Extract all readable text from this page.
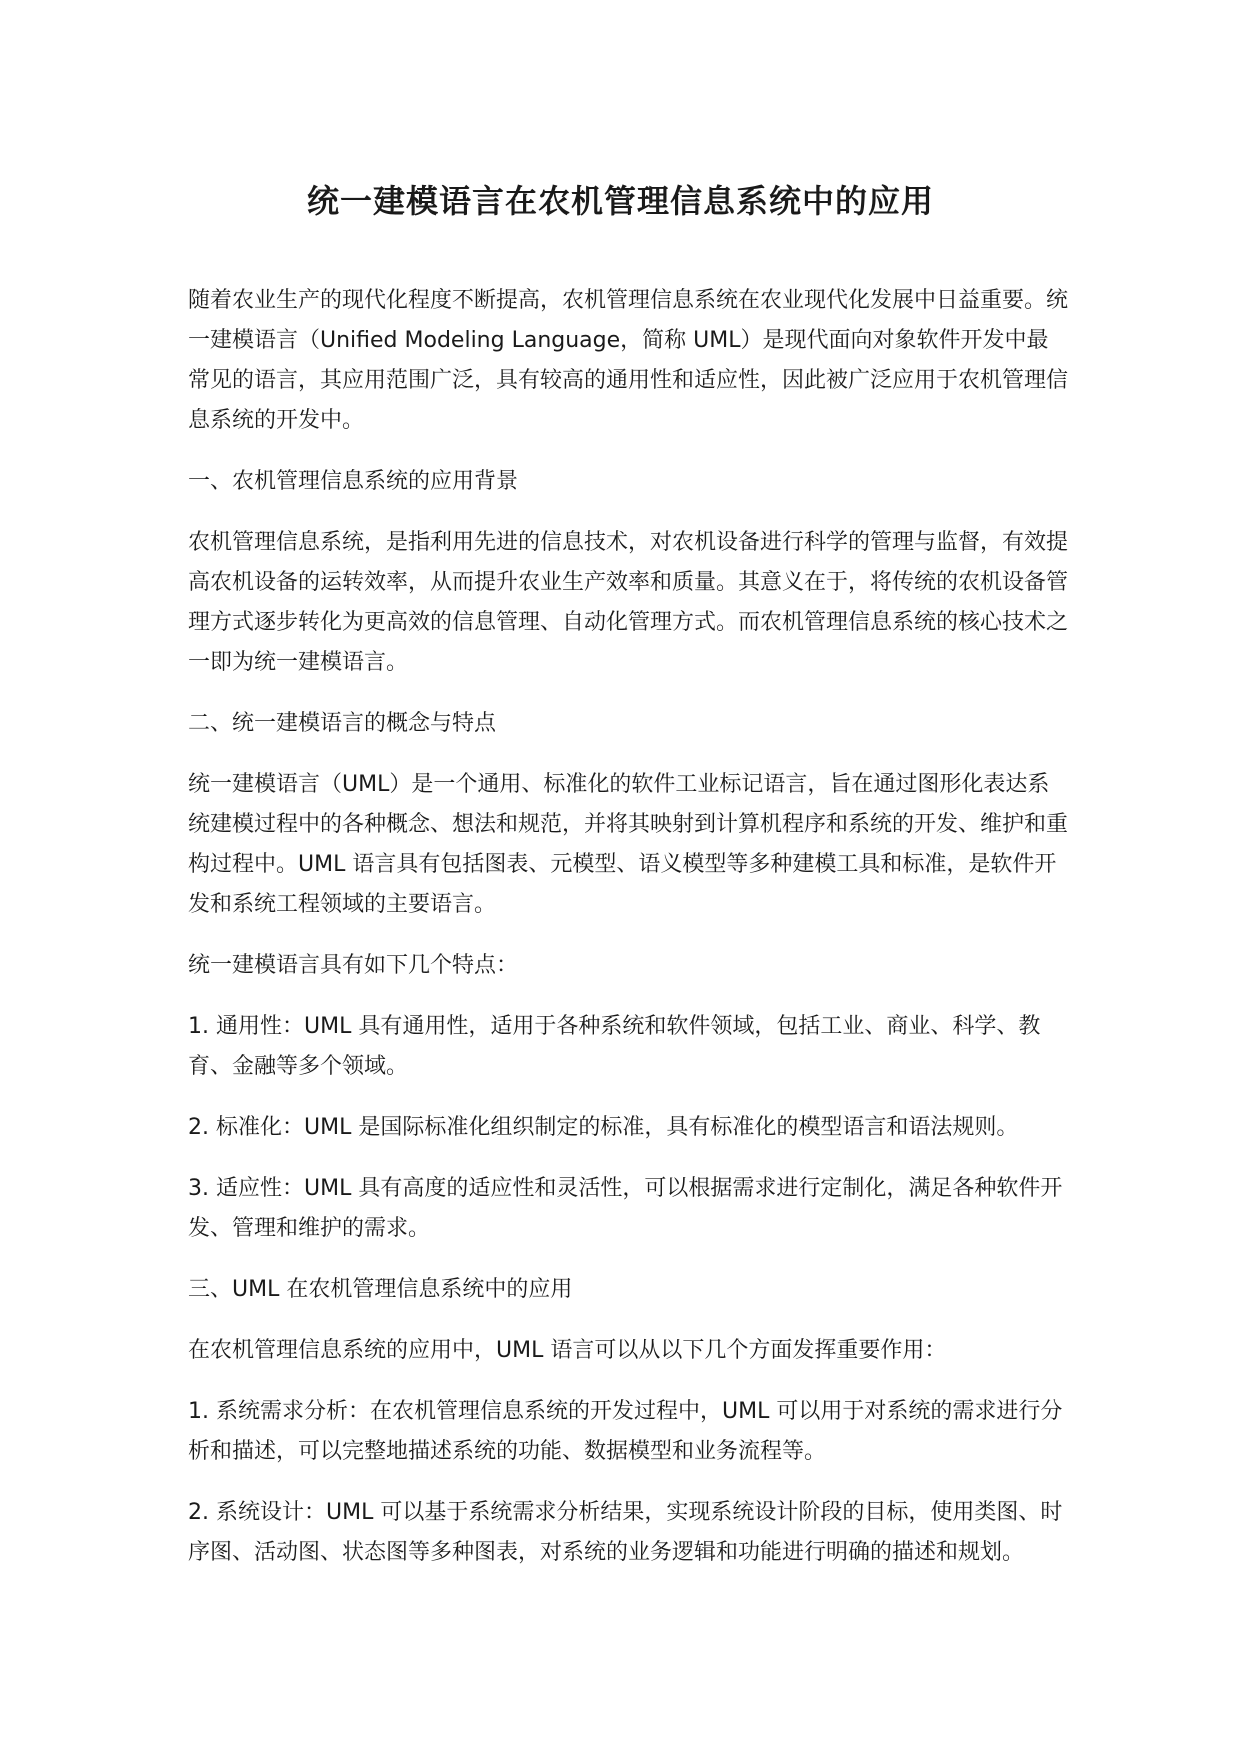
统一建模语言在农机管理信息系统中的应用

随着农业生产的现代化程度不断提高，农机管理信息系统在农业现代化发展中日益重要。统一建模语言（Unified Modeling Language，简称 UML）是现代面向对象软件开发中最常见的语言，其应用范围广泛，具有较高的通用性和适应性，因此被广泛应用于农机管理信息系统的开发中。

一、农机管理信息系统的应用背景

农机管理信息系统，是指利用先进的信息技术，对农机设备进行科学的管理与监督，有效提高农机设备的运转效率，从而提升农业生产效率和质量。其意义在于，将传统的农机设备管理方式逐步转化为更高效的信息管理、自动化管理方式。而农机管理信息系统的核心技术之一即为统一建模语言。

二、统一建模语言的概念与特点

统一建模语言（UML）是一个通用、标准化的软件工业标记语言，旨在通过图形化表达系统建模过程中的各种概念、想法和规范，并将其映射到计算机程序和系统的开发、维护和重构过程中。UML 语言具有包括图表、元模型、语义模型等多种建模工具和标准，是软件开发和系统工程领域的主要语言。

统一建模语言具有如下几个特点：

1. 通用性：UML 具有通用性，适用于各种系统和软件领域，包括工业、商业、科学、教育、金融等多个领域。

2. 标准化：UML 是国际标准化组织制定的标准，具有标准化的模型语言和语法规则。

3. 适应性：UML 具有高度的适应性和灵活性，可以根据需求进行定制化，满足各种软件开发、管理和维护的需求。

三、UML 在农机管理信息系统中的应用

在农机管理信息系统的应用中，UML 语言可以从以下几个方面发挥重要作用：

1. 系统需求分析：在农机管理信息系统的开发过程中，UML 可以用于对系统的需求进行分析和描述，可以完整地描述系统的功能、数据模型和业务流程等。

2. 系统设计：UML 可以基于系统需求分析结果，实现系统设计阶段的目标，使用类图、时序图、活动图、状态图等多种图表，对系统的业务逻辑和功能进行明确的描述和规划。
